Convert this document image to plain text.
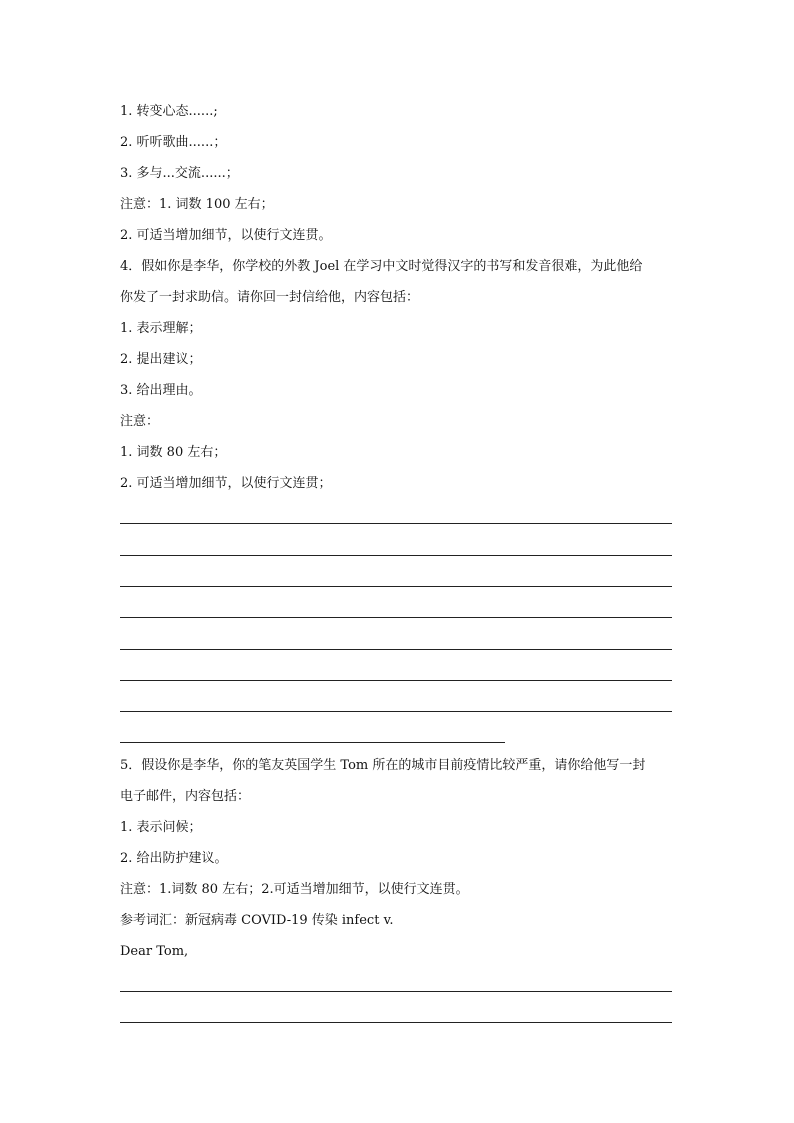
1. 转变心态......;
2. 听听歌曲......；
3. 多与...交流......；
注意：1. 词数 100 左右；
2. 可适当增加细节，以使行文连贯。
4．假如你是李华，你学校的外教 Joel 在学习中文时觉得汉字的书写和发音很难，为此他给
你发了一封求助信。请你回一封信给他，内容包括：
1. 表示理解；
2. 提出建议；
3. 给出理由。
注意：
1. 词数 80 左右；
2. 可适当增加细节，以使行文连贯；
5．假设你是李华，你的笔友英国学生 Tom 所在的城市目前疫情比较严重，请你给他写一封
电子邮件，内容包括：
1. 表示问候；
2. 给出防护建议。
注意：1.词数 80 左右；2.可适当增加细节，以使行文连贯。
参考词汇：新冠病毒 COVID-19 传染 infect v.
Dear Tom,
